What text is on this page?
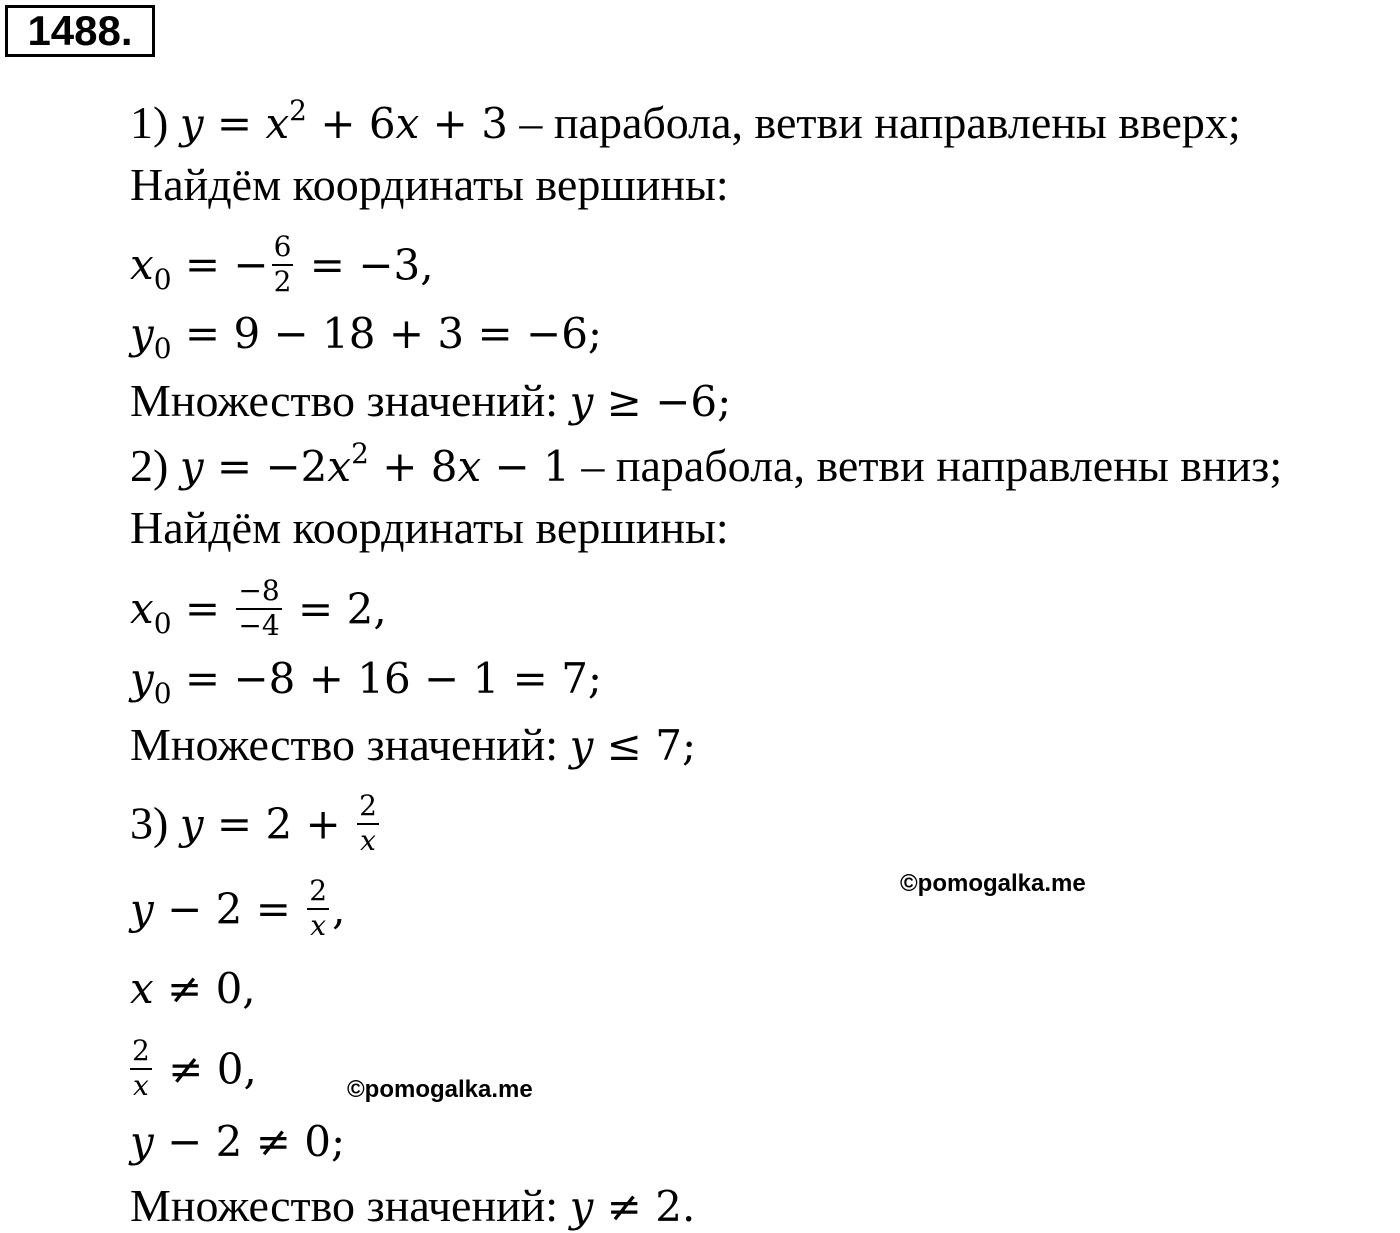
1488.
1) $y = x^2 + 6x + 3$ – парабола, ветви направлены вверх;
Найдём координаты вершины:
$x_0$ = − $\frac{6}{2} = -3$,
$y_0 = 9 - 18 + 3 = -6$;
Множество значений: y ≥ −6;
2) $y = -2x^2 + 8x - 1$ – парабола, ветви направлены вниз;
Найдём координаты вершины:
$x_0 = \frac{-8}{-4} = 2$,
$y_0 = -8 + 16 - 1 = 7$;
Множество значений: y ≤ 7;
3) $y = 2 + \frac{2}{x}$
$y - 2 = \frac{2}{x}$ ,
x ≠ 0,
$\frac{2}{x} \ne 0$,
y − 2 ≠ 0;
Множество значений: y ≠ 2.
©pomogalka.me
©pomogalka.me
